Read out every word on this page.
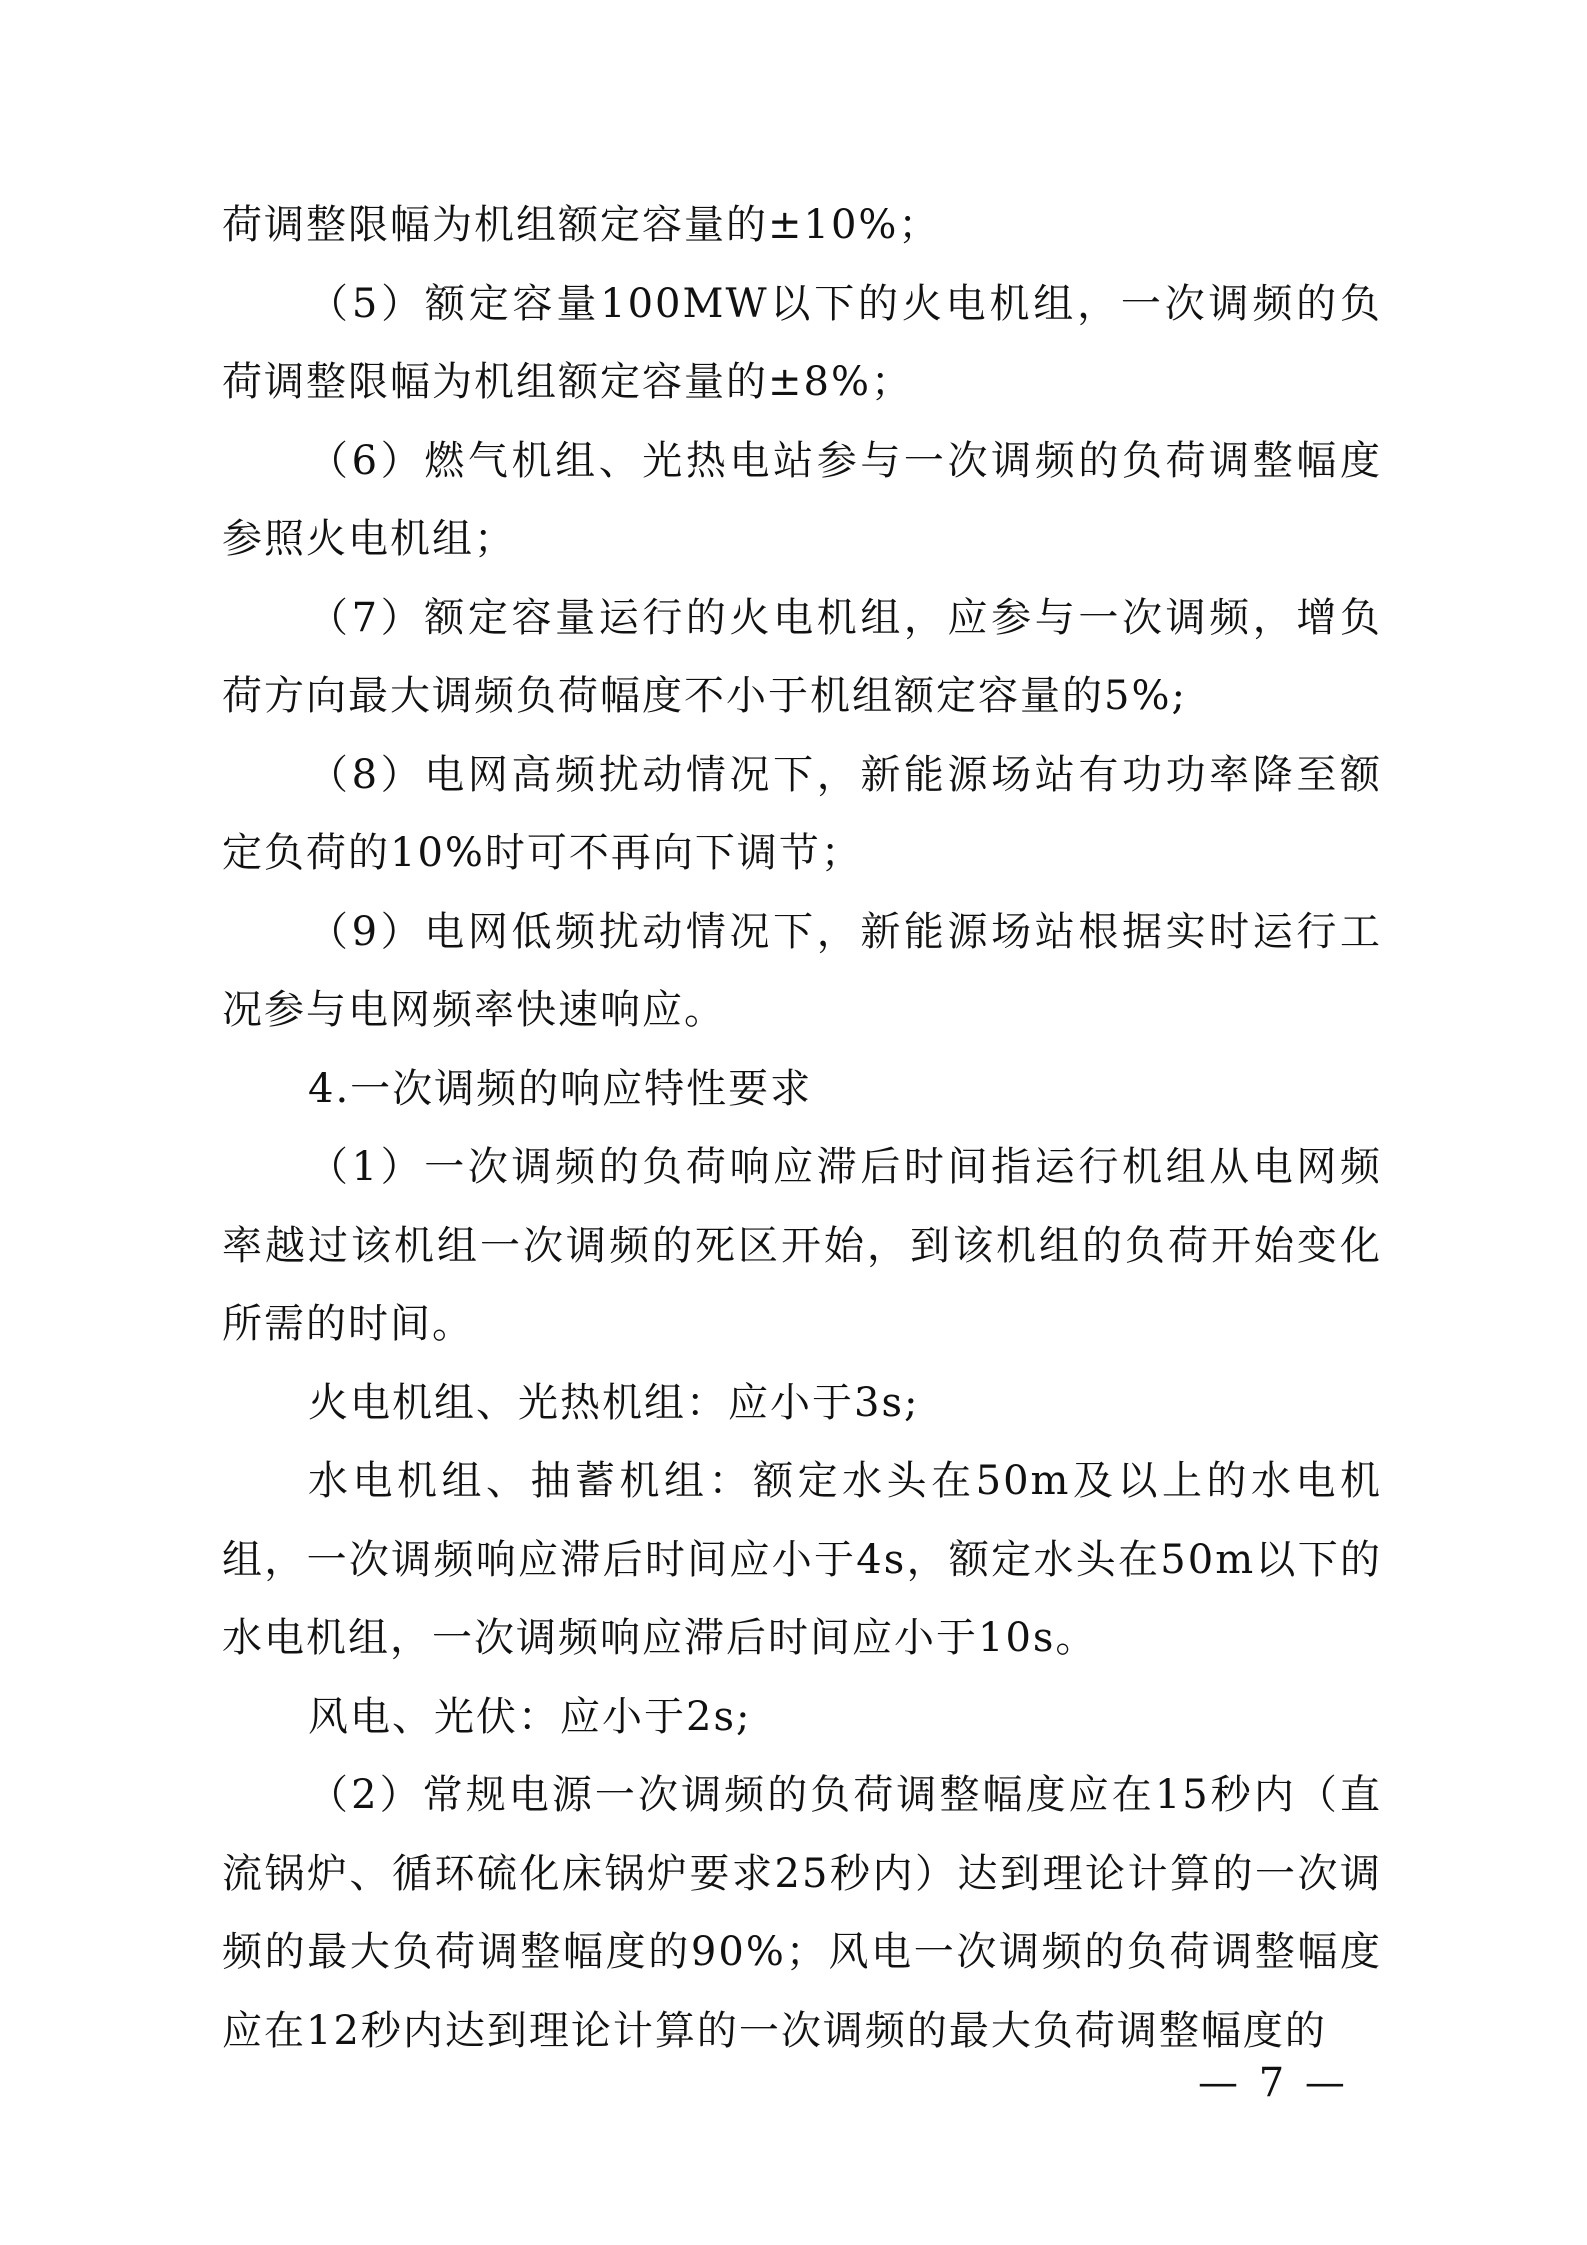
荷调整限幅为机组额定容量的±10%；

（5）额定容量100MW以下的火电机组，一次调频的负荷调整限幅为机组额定容量的±8%；

（6）燃气机组、光热电站参与一次调频的负荷调整幅度参照火电机组；

（7）额定容量运行的火电机组，应参与一次调频，增负荷方向最大调频负荷幅度不小于机组额定容量的5%;

（8）电网高频扰动情况下，新能源场站有功功率降至额定负荷的10%时可不再向下调节；

（9）电网低频扰动情况下，新能源场站根据实时运行工况参与电网频率快速响应。

4.一次调频的响应特性要求

（1）一次调频的负荷响应滞后时间指运行机组从电网频率越过该机组一次调频的死区开始，到该机组的负荷开始变化所需的时间。

火电机组、光热机组：应小于3s;

水电机组、抽蓄机组：额定水头在50m及以上的水电机组，一次调频响应滞后时间应小于4s，额定水头在50m以下的水电机组，一次调频响应滞后时间应小于10s。

风电、光伏：应小于2s;

（2）常规电源一次调频的负荷调整幅度应在15秒内（直流锅炉、循环硫化床锅炉要求25秒内）达到理论计算的一次调频的最大负荷调整幅度的90%；风电一次调频的负荷调整幅度应在12秒内达到理论计算的一次调频的最大负荷调整幅度的

— 7 —
